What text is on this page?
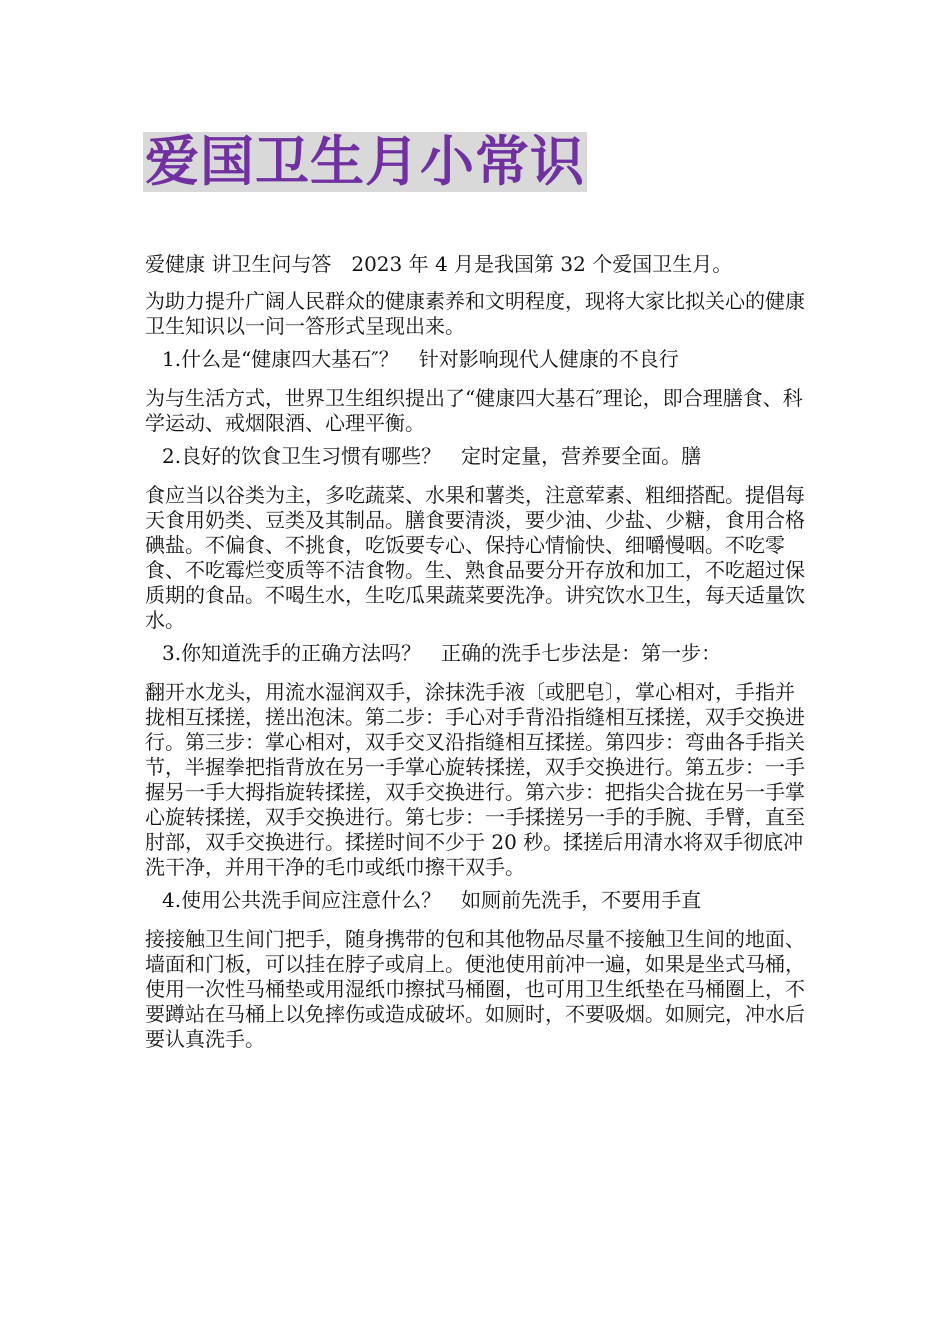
爱国卫生月小常识

爱健康 讲卫生问与答 2023 年 4 月是我国第 32 个爱国卫生月。

为助力提升广阔人民群众的健康素养和文明程度，现将大家比拟关心的健康卫生知识以一问一答形式呈现出来。

1.什么是“健康四大基石″？ 针对影响现代人健康的不良行

为与生活方式，世界卫生组织提出了“健康四大基石″理论，即合理膳食、科学运动、戒烟限酒、心理平衡。

2.良好的饮食卫生习惯有哪些？ 定时定量，营养要全面。膳

食应当以谷类为主，多吃蔬菜、水果和薯类，注意荤素、粗细搭配。提倡每天食用奶类、豆类及其制品。膳食要清淡，要少油、少盐、少糖，食用合格碘盐。不偏食、不挑食，吃饭要专心、保持心情愉快、细嚼慢咽。不吃零食、不吃霉烂变质等不洁食物。生、熟食品要分开存放和加工，不吃超过保质期的食品。不喝生水，生吃瓜果蔬菜要洗净。讲究饮水卫生，每天适量饮水。

3.你知道洗手的正确方法吗？ 正确的洗手七步法是：第一步：

翻开水龙头，用流水湿润双手，涂抹洗手液〔或肥皂〕，掌心相对，手指并拢相互揉搓，搓出泡沫。第二步：手心对手背沿指缝相互揉搓，双手交换进行。第三步：掌心相对，双手交叉沿指缝相互揉搓。第四步：弯曲各手指关节，半握拳把指背放在另一手掌心旋转揉搓，双手交换进行。第五步：一手握另一手大拇指旋转揉搓，双手交换进行。第六步：把指尖合拢在另一手掌心旋转揉搓，双手交换进行。第七步：一手揉搓另一手的手腕、手臂，直至肘部，双手交换进行。揉搓时间不少于 20 秒。揉搓后用清水将双手彻底冲洗干净，并用干净的毛巾或纸巾擦干双手。

4.使用公共洗手间应注意什么？ 如厕前先洗手，不要用手直

接接触卫生间门把手，随身携带的包和其他物品尽量不接触卫生间的地面、墙面和门板，可以挂在脖子或肩上。便池使用前冲一遍，如果是坐式马桶，使用一次性马桶垫或用湿纸巾擦拭马桶圈，也可用卫生纸垫在马桶圈上，不要蹲站在马桶上以免摔伤或造成破坏。如厕时，不要吸烟。如厕完，冲水后要认真洗手。
